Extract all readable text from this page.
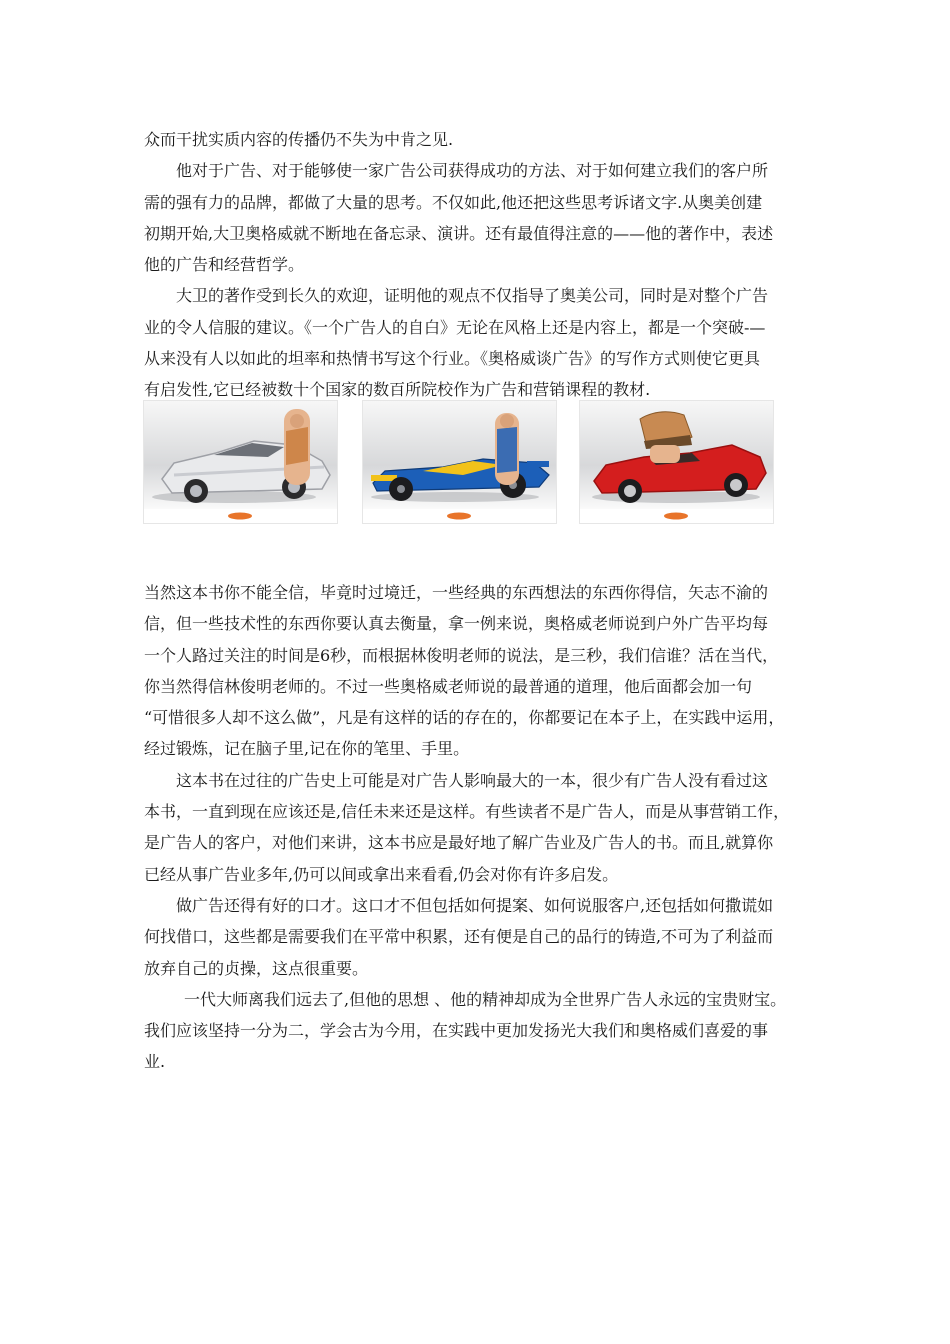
众而干扰实质内容的传播仍不失为中肯之见.

他对于广告、对于能够使一家广告公司获得成功的方法、对于如何建立我们的客户所
需的强有力的品牌，都做了大量的思考。不仅如此,他还把这些思考诉诸文字.从奥美创建
初期开始,大卫奥格威就不断地在备忘录、演讲。还有最值得注意的——他的著作中，表述
他的广告和经营哲学。

大卫的著作受到长久的欢迎，证明他的观点不仅指导了奥美公司，同时是对整个广告
业的令人信服的建议。《一个广告人的自白》无论在风格上还是内容上，都是一个突破-—
从来没有人以如此的坦率和热情书写这个行业。《奥格威谈广告》的写作方式则使它更具
有启发性,它已经被数十个国家的数百所院校作为广告和营销课程的教材.

当然这本书你不能全信，毕竟时过境迁，一些经典的东西想法的东西你得信，矢志不渝的
信，但一些技术性的东西你要认真去衡量，拿一例来说，奥格威老师说到户外广告平均每
一个人路过关注的时间是6秒，而根据林俊明老师的说法，是三秒，我们信谁？活在当代，
你当然得信林俊明老师的。不过一些奥格威老师说的最普通的道理，他后面都会加一句
“可惜很多人却不这么做”，凡是有这样的话的存在的，你都要记在本子上，在实践中运用，
经过锻炼，记在脑子里,记在你的笔里、手里。

这本书在过往的广告史上可能是对广告人影响最大的一本，很少有广告人没有看过这
本书，一直到现在应该还是,信任未来还是这样。有些读者不是广告人，而是从事营销工作，
是广告人的客户，对他们来讲，这本书应是最好地了解广告业及广告人的书。而且,就算你
已经从事广告业多年,仍可以间或拿出来看看,仍会对你有许多启发。

做广告还得有好的口才。这口才不但包括如何提案、如何说服客户,还包括如何撒谎如
何找借口，这些都是需要我们在平常中积累，还有便是自己的品行的铸造,不可为了利益而
放弃自己的贞操，这点很重要。

一代大师离我们远去了,但他的思想 、他的精神却成为全世界广告人永远的宝贵财宝。
我们应该坚持一分为二，学会古为今用，在实践中更加发扬光大我们和奥格威们喜爱的事
业.
